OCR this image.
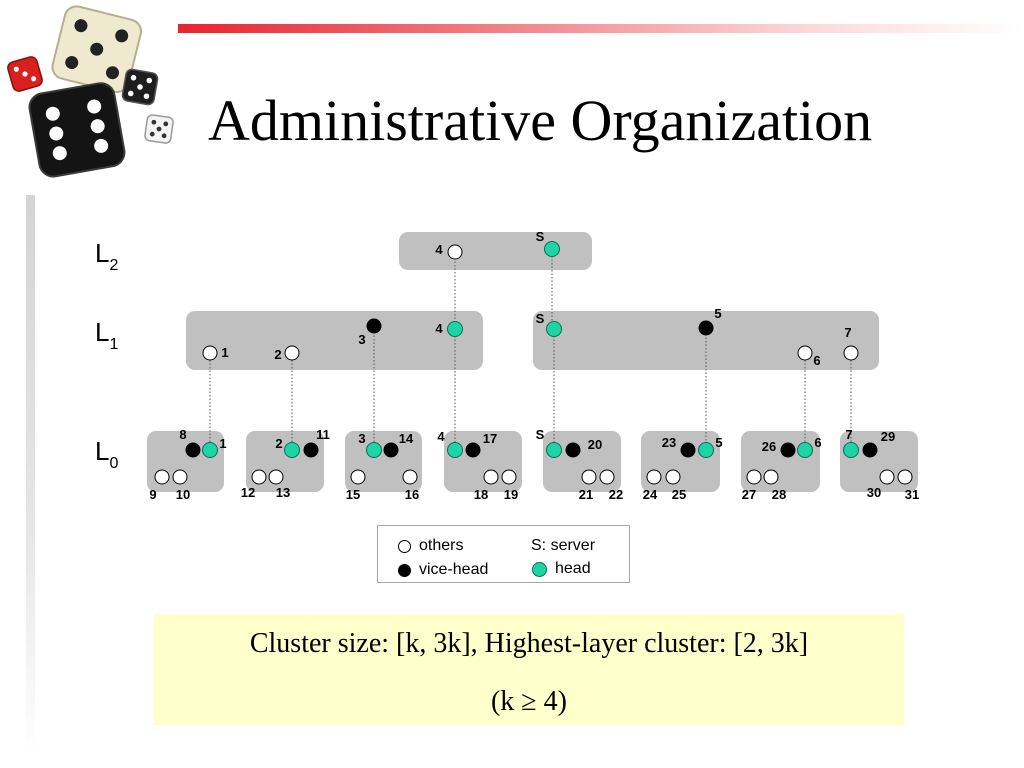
Administrative Organization
$L_2$
$L_1$
$L_0$
4
S
1	2
3
4
S	5
6
7
8
1
9 10
2
11
12 13
3	14
15	16
4	17
18 19
S
20
21 22
23	5
24 25
26	6
27 28
7 29
30 31
others	S: server
vice-head	head
Cluster size: [k, 3k], Highest-layer cluster: [2, 3k]
(k ≥ 4)
